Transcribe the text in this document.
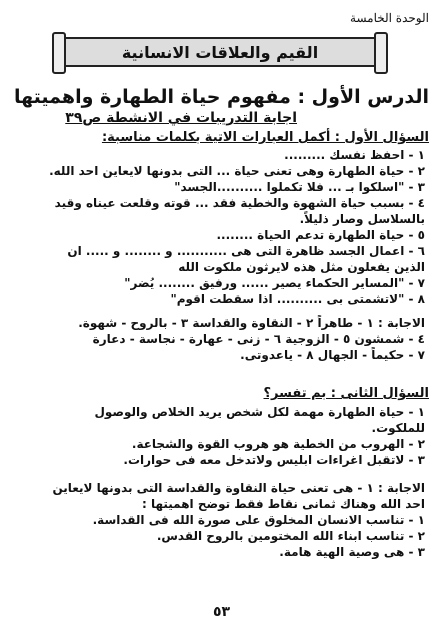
الوحدة الخامسة
القيم والعلاقات الانسانية
الدرس الأول : مفهوم حياة الطهارة واهميتها
اجابة التدريبات في الانشطة ص٣٩
السؤال الأول : أكمل العبارات الاتية بكلمات مناسبة:
١ - احفظ نفسك .........
٢ - حياة الطهارة وهى تعنى حياة ... التى بدونها لايعاين احد الله.
٣ - "اسلكوا بـ ... فلا تكملوا ..........الجسد"
٤ - بسبب حياة الشهوة والخطية فقد ... قوته وقلعت عيناه وقيد
بالسلاسل وصار ذليلاً.
٥ - حياة الطهارة تدعم الحياة ........
٦ - اعمال الجسد ظاهرة التى هى ........... و ........ و ..... ان
الذين يفعلون مثل هذه لايرثون ملكوت الله
٧ - "المساير الحكماء يصير ...... ورفيق ........ يُضر"
٨ - "لاتشمتى بى .......... اذا سقطت اقوم"
الاجابة : ١ - طاهراً ٢ - النقاوة والقداسة ٣ - بالروح - شهوة.
٤ - شمشون ٥ - الزوجية ٦ - زنى - عهارة - نجاسة - دعارة
٧ - حكيماً - الجهال ٨ - ياعدوتى.
السؤال الثانى : بم تفسر؟
١ - حياة الطهارة مهمة لكل شخص يريد الخلاص والوصول
للملكوت.
٢ - الهروب من الخطية هو هروب القوة والشجاعة.
٣ - لاتقبل اغراءات ابليس ولاتدخل معه فى حوارات.
الاجابة : ١ - هى تعنى حياة النقاوة والقداسة التى بدونها لايعاين
احد الله وهناك ثمانى نقاط فقط توضح اهميتها :
١ - تناسب الانسان المخلوق على صورة الله فى القداسة.
٢ - تناسب ابناء الله المختومين بالروح القدس.
٣ - هى وصية الهية هامة.
٥٣
